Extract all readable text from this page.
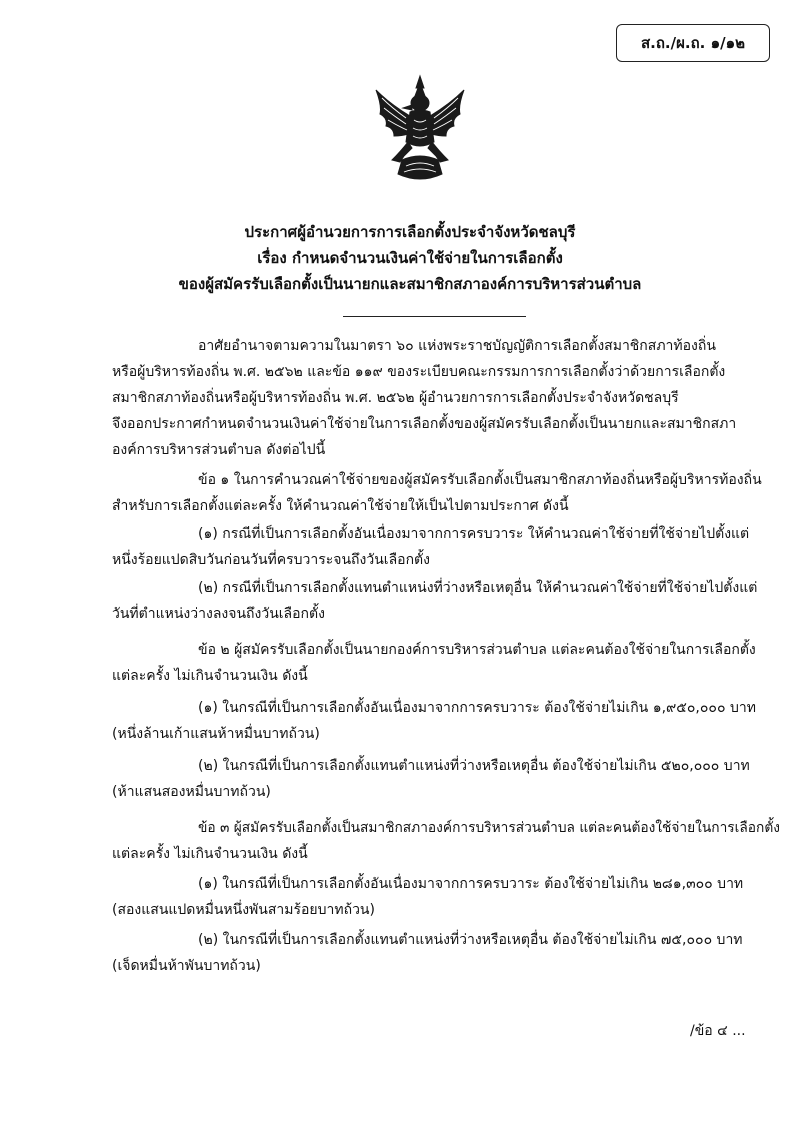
ส.ถ./ผ.ถ. ๑/๑๒
ประกาศผู้อำนวยการการเลือกตั้งประจำจังหวัดชลบุรี
เรื่อง กำหนดจำนวนเงินค่าใช้จ่ายในการเลือกตั้ง
ของผู้สมัครรับเลือกตั้งเป็นนายกและสมาชิกสภาองค์การบริหารส่วนตำบล
อาศัยอำนาจตามความในมาตรา ๖๐ แห่งพระราชบัญญัติการเลือกตั้งสมาชิกสภาท้องถิ่น
หรือผู้บริหารท้องถิ่น พ.ศ. ๒๕๖๒ และข้อ ๑๑๙ ของระเบียบคณะกรรมการการเลือกตั้งว่าด้วยการเลือกตั้ง
สมาชิกสภาท้องถิ่นหรือผู้บริหารท้องถิ่น พ.ศ. ๒๕๖๒ ผู้อำนวยการการเลือกตั้งประจำจังหวัดชลบุรี
จึงออกประกาศกำหนดจำนวนเงินค่าใช้จ่ายในการเลือกตั้งของผู้สมัครรับเลือกตั้งเป็นนายกและสมาชิกสภา
องค์การบริหารส่วนตำบล ดังต่อไปนี้
ข้อ ๑ ในการคำนวณค่าใช้จ่ายของผู้สมัครรับเลือกตั้งเป็นสมาชิกสภาท้องถิ่นหรือผู้บริหารท้องถิ่น
สำหรับการเลือกตั้งแต่ละครั้ง ให้คำนวณค่าใช้จ่ายให้เป็นไปตามประกาศ ดังนี้
(๑) กรณีที่เป็นการเลือกตั้งอันเนื่องมาจากการครบวาระ ให้คำนวณค่าใช้จ่ายที่ใช้จ่ายไปตั้งแต่
หนึ่งร้อยแปดสิบวันก่อนวันที่ครบวาระจนถึงวันเลือกตั้ง
(๒) กรณีที่เป็นการเลือกตั้งแทนตำแหน่งที่ว่างหรือเหตุอื่น ให้คำนวณค่าใช้จ่ายที่ใช้จ่ายไปตั้งแต่
วันที่ตำแหน่งว่างลงจนถึงวันเลือกตั้ง
ข้อ ๒ ผู้สมัครรับเลือกตั้งเป็นนายกองค์การบริหารส่วนตำบล แต่ละคนต้องใช้จ่ายในการเลือกตั้ง
แต่ละครั้ง ไม่เกินจำนวนเงิน ดังนี้
(๑) ในกรณีที่เป็นการเลือกตั้งอันเนื่องมาจากการครบวาระ ต้องใช้จ่ายไม่เกิน ๑,๙๕๐,๐๐๐ บาท
(หนึ่งล้านเก้าแสนห้าหมื่นบาทถ้วน)
(๒) ในกรณีที่เป็นการเลือกตั้งแทนตำแหน่งที่ว่างหรือเหตุอื่น ต้องใช้จ่ายไม่เกิน ๕๒๐,๐๐๐ บาท
(ห้าแสนสองหมื่นบาทถ้วน)
ข้อ ๓ ผู้สมัครรับเลือกตั้งเป็นสมาชิกสภาองค์การบริหารส่วนตำบล แต่ละคนต้องใช้จ่ายในการเลือกตั้ง
แต่ละครั้ง ไม่เกินจำนวนเงิน ดังนี้
(๑) ในกรณีที่เป็นการเลือกตั้งอันเนื่องมาจากการครบวาระ ต้องใช้จ่ายไม่เกิน ๒๘๑,๓๐๐ บาท
(สองแสนแปดหมื่นหนึ่งพันสามร้อยบาทถ้วน)
(๒) ในกรณีที่เป็นการเลือกตั้งแทนตำแหน่งที่ว่างหรือเหตุอื่น ต้องใช้จ่ายไม่เกิน ๗๕,๐๐๐ บาท
(เจ็ดหมื่นห้าพันบาทถ้วน)
/ข้อ ๔ ...
